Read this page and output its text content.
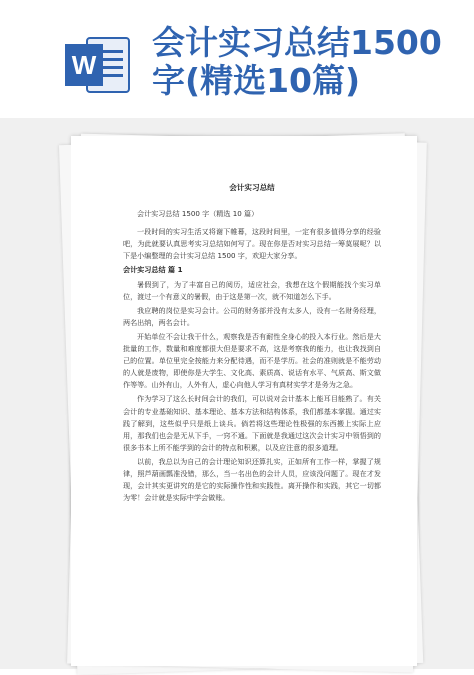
W
会计实习总结1500字(精选10篇)
会计实习总结
会计实习总结 1500 字（精选 10 篇）
一段时间的实习生活又将谢下帷幕，这段时间里，一定有很多值得分享的经验吧，为此就要认真思考实习总结如何写了。现在你是否对实习总结一筹莫展呢？以下是小编整理的会计实习总结 1500 字，欢迎大家分享。
会计实习总结 篇 1
暑假到了，为了丰富自己的阅历，适应社会，我想在这个假期能找个实习单位，渡过一个有意义的暑假，由于这是第一次，就不知道怎么下手。
我应聘的岗位是实习会计。公司的财务部并没有太多人，设有一名财务经理，两名出纳，两名会计。
开始单位不会让我干什么，观察我是否有耐性全身心的投入本行业。然后是大批量的工作，数量和难度都很大但是要求不高，这是考察我的能力，也让我找到自己的位置。单位里完全按能力来分配待遇，而不是学历。社会的准则就是不能劳动的人就是废物，即使你是大学生、文化高、素质高、说话有水平、气质高、斯文做作等等。山外有山，人外有人，虚心向他人学习有真材实学才是务为之急。
作为学习了这么长时间会计的我们，可以说对会计基本上能耳目能熟了。有关会计的专业基础知识、基本理论、基本方法和结构体系，我们都基本掌握。通过实践了解到，这些似乎只是纸上谈兵。倘若将这些理论性极强的东西搬上实际上应用，那我们也会是无从下手，一窍不通。下面就是我通过这次会计实习中领悟到的很多书本上所不能学到的会计的特点和积累，以及应注意的很多道理。
以前，我总以为自己的会计理论知识还算扎实，正如所有工作一样，掌握了规律，照芦葫画瓢准没错，那么，当一名出色的会计人员，应该没问题了。现在才发现，会计其实更讲究的是它的实际操作性和实践性。离开操作和实践，其它一切都为零！会计就是实际中学会做账。
